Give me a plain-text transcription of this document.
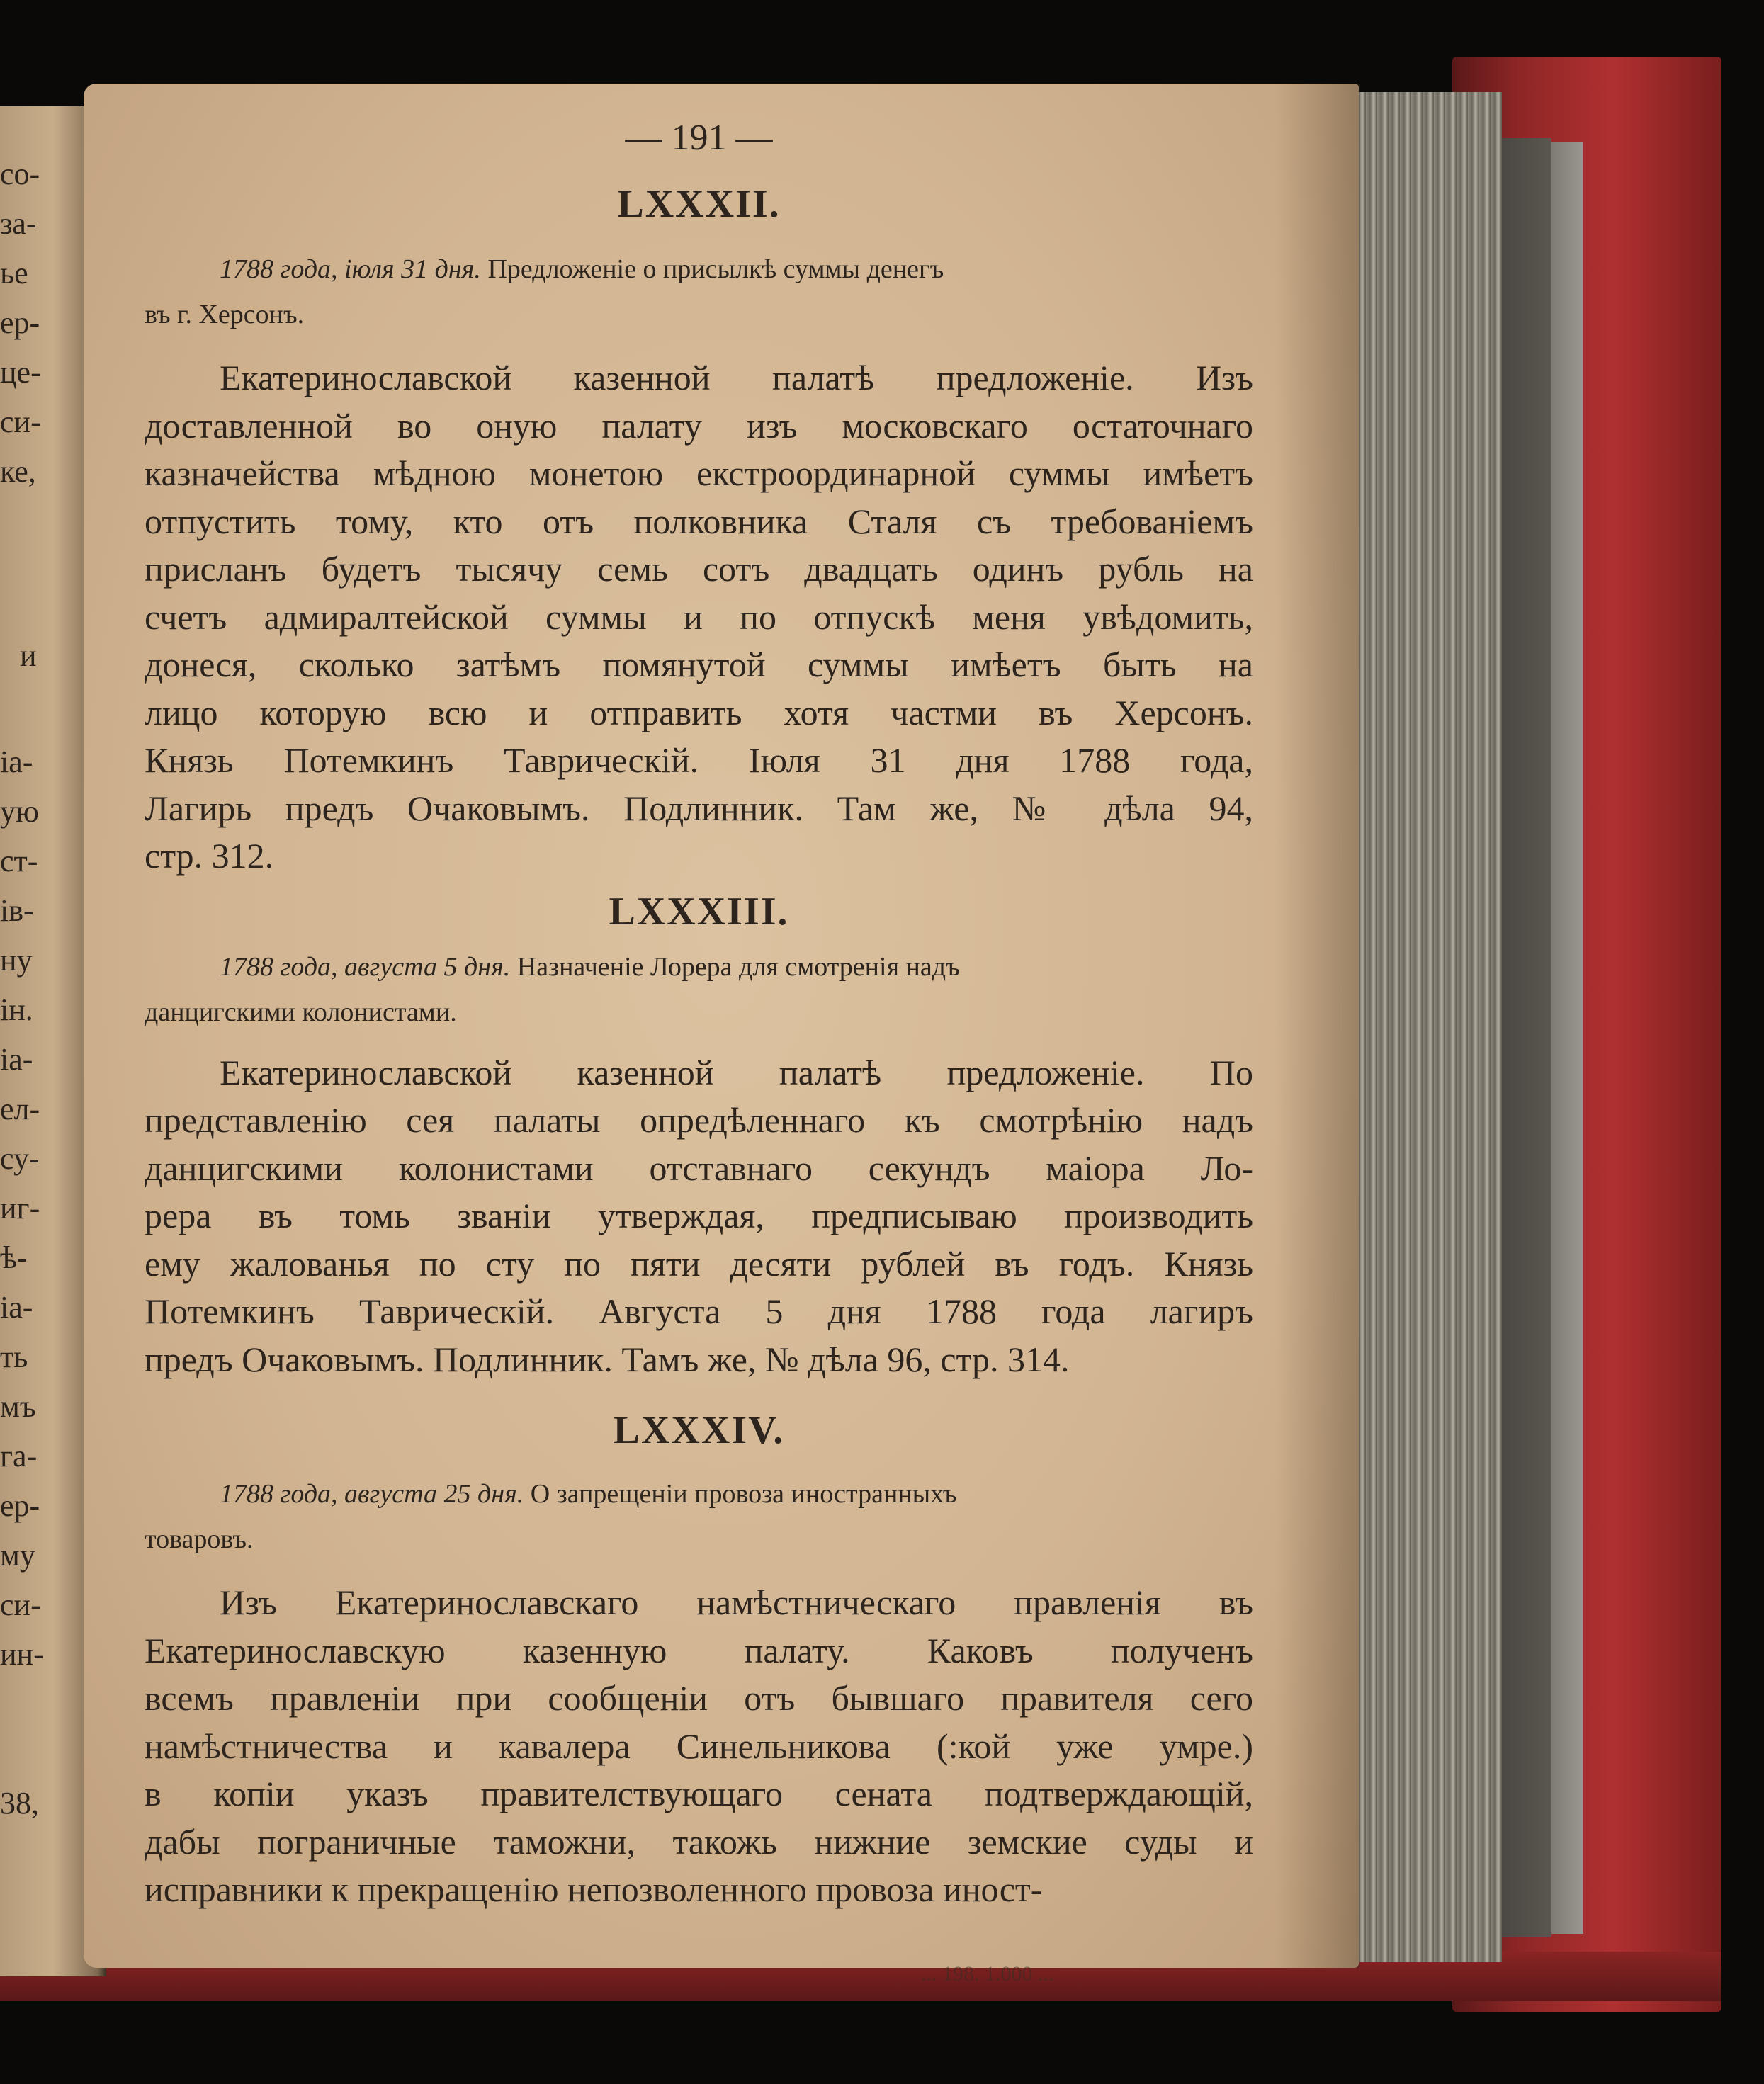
со-
за-
ье
ер-
це-
си-
ке,
и
іа-
ую
ст-
ів-
ну
ін.
іа-
ел-
су-
иг-
ѣ-
іа-
ть
мъ
га-
ер-
му
си-
ин-
38,

— 191 —

LXXXII.

1788 года, іюля 31 дня. Предложеніе о присылкѣ суммы денегъ

въ г. Херсонъ.

Екатеринославской казенной палатѣ предложеніе. Изъ
доставленной во оную палату изъ московскаго остаточнаго
казначейства мѣдною монетою екстроординарной суммы имѣетъ
отпустить тому, кто отъ полковника Сталя съ требованіемъ
присланъ будетъ тысячу семь сотъ двадцать одинъ рубль на
счетъ адмиралтейской суммы и по отпускѣ меня увѣдомить,
донеся, сколько затѣмъ помянутой суммы имѣетъ быть на
лицо которую всю и отправить хотя частми въ Херсонъ.
Князь Потемкинъ Таврическій. Іюля 31 дня 1788 года,
Лагирь предъ Очаковымъ. Подлинник. Там же, № дѣла 94,
стр. 312.
LXXXIII.

1788 года, августа 5 дня. Назначеніе Лорера для смотренія надъ

данцигскими колонистами.

Екатеринославской казенной палатѣ предложеніе. По
представленію сея палаты опредѣленнаго къ смотрѣнію надъ
данцигскими колонистами отставнаго секундъ маіора Ло-
рера въ томь званіи утверждая, предписываю производить
ему жалованья по сту по пяти десяти рублей въ годъ. Князь
Потемкинъ Таврическій. Августа 5 дня 1788 года лагиръ
предъ Очаковымъ. Подлинник. Тамъ же, № дѣла 96, стр. 314.
LXXXIV.

1788 года, августа 25 дня. О запрещеніи провоза иностранныхъ

товаровъ.

Изъ Екатеринославскаго намѣстническаго правленія въ
Екатеринославскую казенную палату. Каковъ полученъ
всемъ правленіи при сообщеніи отъ бывшаго правителя сего
намѣстничества и кавалера Синельникова (:кой уже умре.)
в копіи указъ правителствующаго сената подтверждающій,
дабы пограничные таможни, такожь нижние земские суды и
исправники к прекращенію непозволенного провоза иност-
... 198. 1.000 ...
